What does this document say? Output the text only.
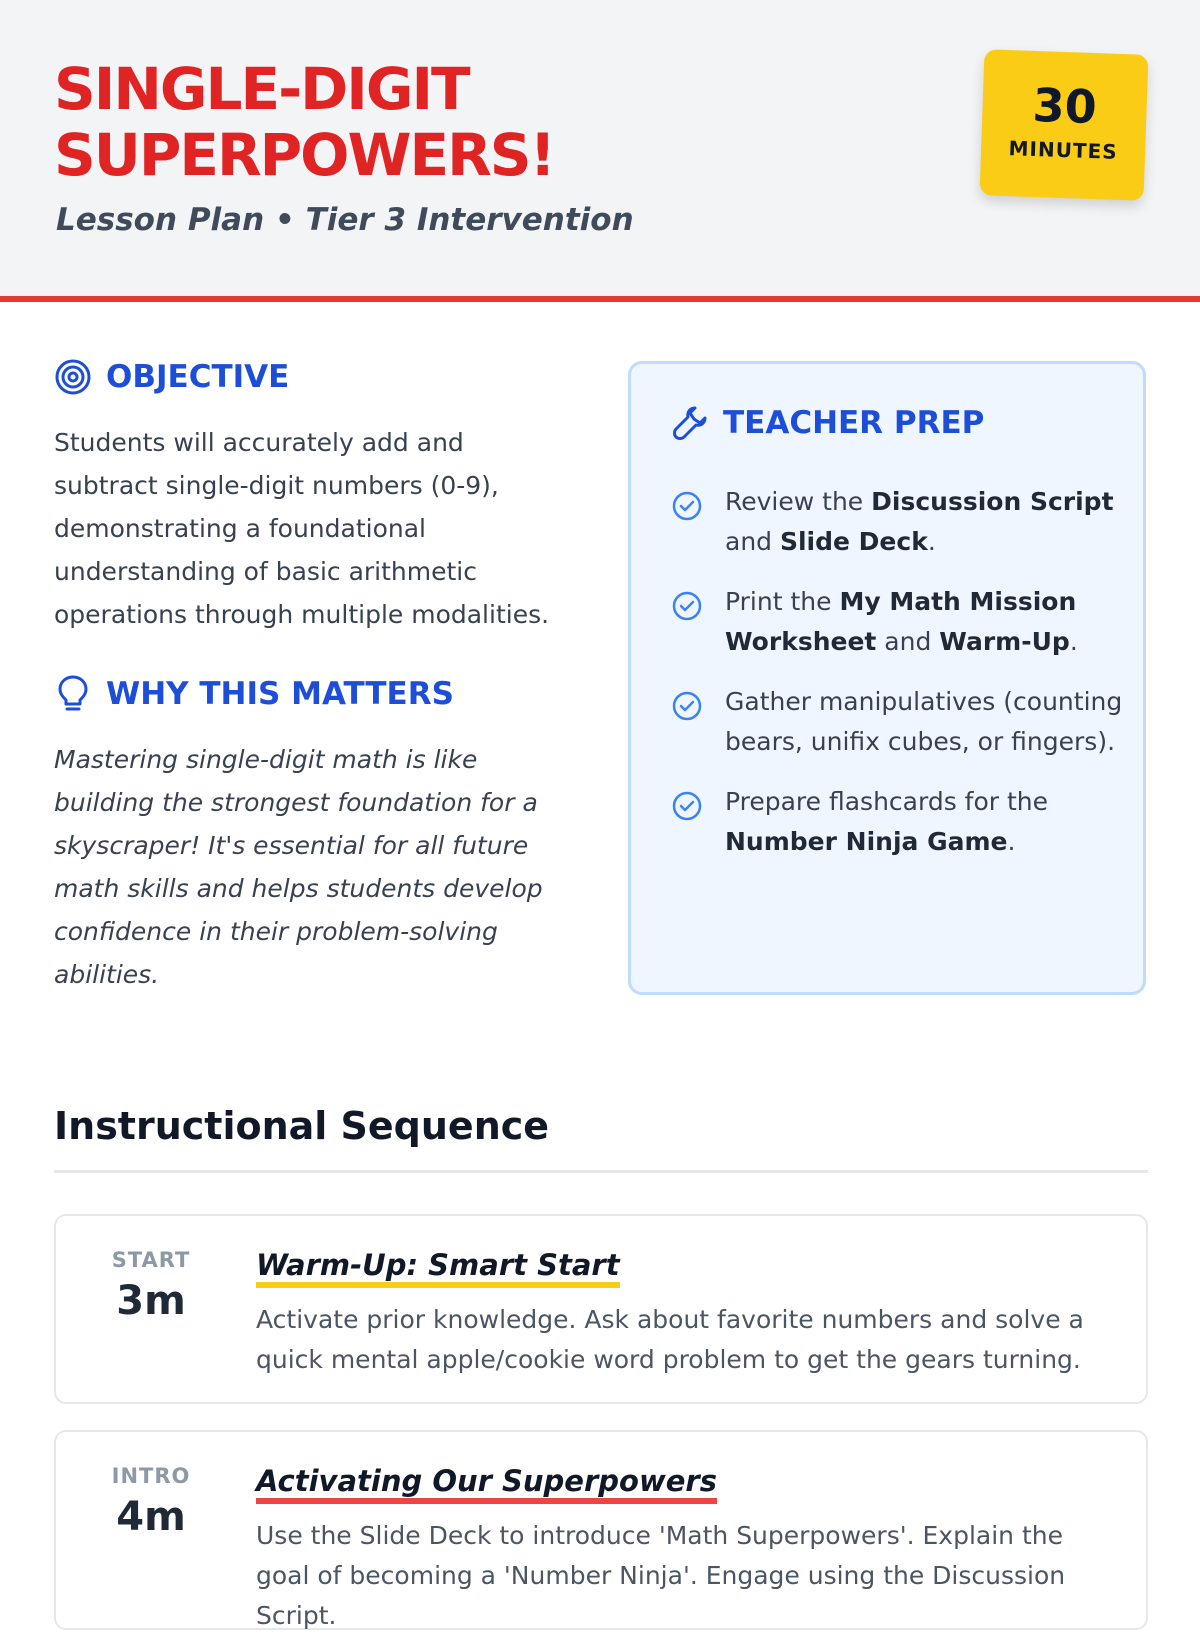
SINGLE-DIGIT SUPERPOWERS!

Lesson Plan • Tier 3 Intervention

30
MINUTES
OBJECTIVE

Students will accurately add and subtract single-digit numbers (0-9), demonstrating a foundational understanding of basic arithmetic operations through multiple modalities.

WHY THIS MATTERS

Mastering single-digit math is like building the strongest foundation for a skyscraper! It's essential for all future math skills and helps students develop confidence in their problem-solving abilities.

TEACHER PREP
Review the Discussion Script and Slide Deck.
Print the My Math Mission Worksheet and Warm-Up.
Gather manipulatives (counting bears, unifix cubes, or fingers).
Prepare flashcards for the Number Ninja Game.
Instructional Sequence
START
3m
Warm-Up: Smart Start

Activate prior knowledge. Ask about favorite numbers and solve a quick mental apple/cookie word problem to get the gears turning.

INTRO
4m
Activating Our Superpowers

Use the Slide Deck to introduce 'Math Superpowers'. Explain the goal of becoming a 'Number Ninja'. Engage using the Discussion Script.
